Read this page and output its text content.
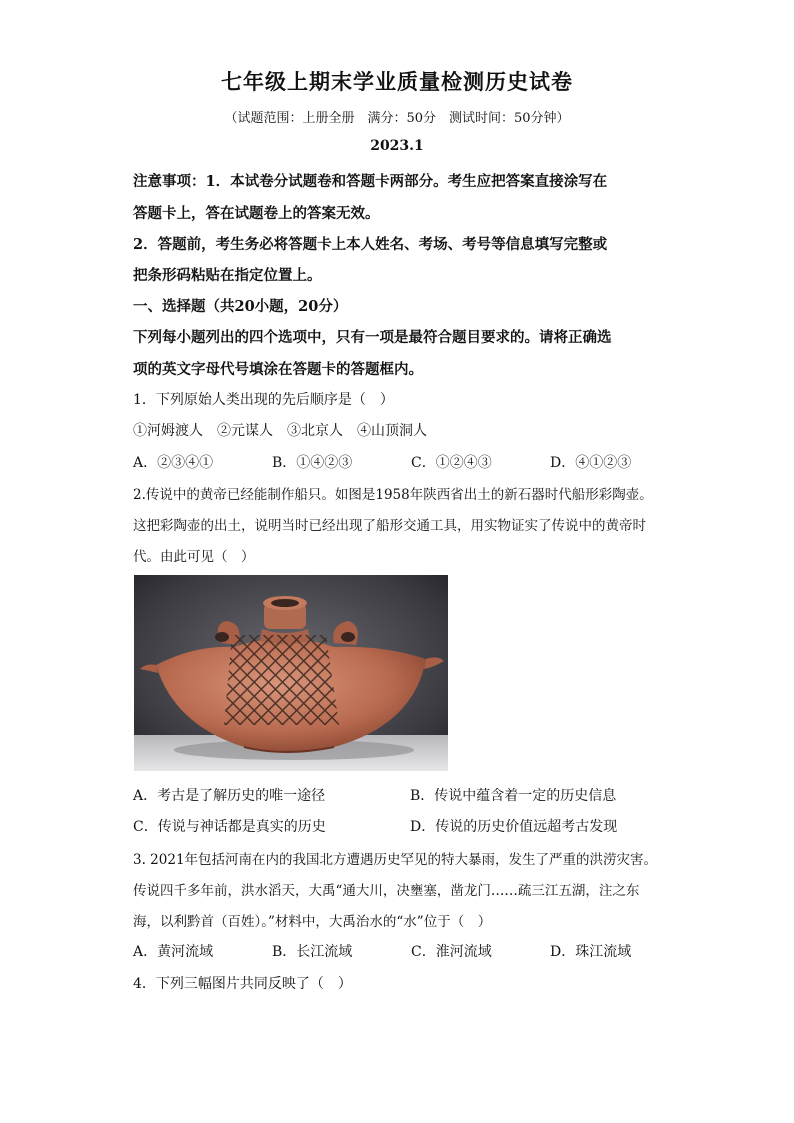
七年级上期末学业质量检测历史试卷
（试题范围：上册全册　满分：50分　测试时间：50分钟）
2023.1
注意事项：1．本试卷分试题卷和答题卡两部分。考生应把答案直接涂写在
答题卡上，答在试题卷上的答案无效。
2．答题前，考生务必将答题卡上本人姓名、考场、考号等信息填写完整或
把条形码粘贴在指定位置上。
一、选择题（共20小题，20分）
下列每小题列出的四个选项中，只有一项是最符合题目要求的。请将正确选
项的英文字母代号填涂在答题卡的答题框内。
1．下列原始人类出现的先后顺序是（　）
①河姆渡人　②元谋人　③北京人　④山顶洞人
A．②③④①	B．①④②③	C．①②④③	D．④①②③
2.传说中的黄帝已经能制作船只。如图是1958年陕西省出土的新石器时代船形彩陶壶。
这把彩陶壶的出土，说明当时已经出现了船形交通工具，用实物证实了传说中的黄帝时
代。由此可见（　）
A．考古是了解历史的唯一途径	B．传说中蕴含着一定的历史信息
C．传说与神话都是真实的历史	D．传说的历史价值远超考古发现
3. 2021年包括河南在内的我国北方遭遇历史罕见的特大暴雨，发生了严重的洪涝灾害。
传说四千多年前，洪水滔天，大禹“通大川，决壅塞，凿龙门……疏三江五湖，注之东
海，以利黔首（百姓）。”材料中，大禹治水的“水”位于（　）
A．黄河流域	B．长江流域	C．淮河流域	D．珠江流域
4．下列三幅图片共同反映了（　）
